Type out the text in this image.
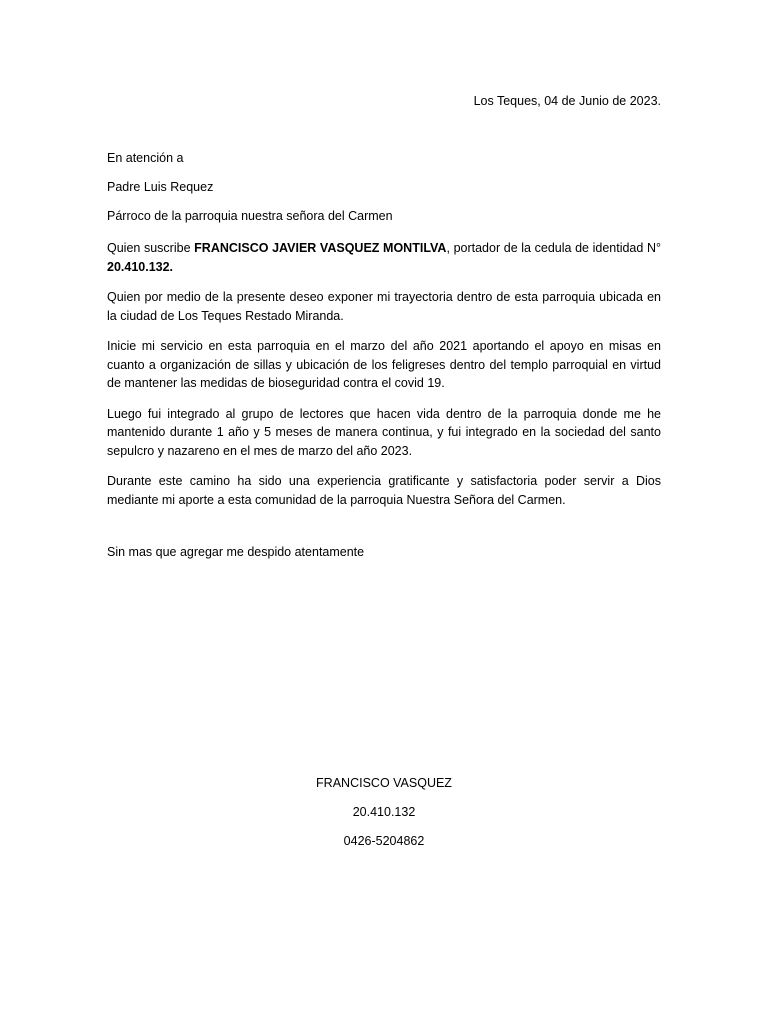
Los Teques, 04 de Junio de 2023.

En atención a

Padre Luis Requez

Párroco de la parroquia nuestra señora del Carmen

Quien suscribe FRANCISCO JAVIER VASQUEZ MONTILVA, portador de la cedula de identidad N° 20.410.132.

Quien por medio de la presente deseo exponer mi trayectoria dentro de esta parroquia ubicada en la ciudad de Los Teques Restado Miranda.

Inicie mi servicio en esta parroquia en el marzo del año 2021 aportando el apoyo en misas en cuanto a organización de sillas y ubicación de los feligreses dentro del templo parroquial en virtud de mantener las medidas de bioseguridad contra el covid 19.

Luego fui integrado al grupo de lectores que hacen vida dentro de la parroquia donde me he mantenido durante 1 año y 5 meses de manera continua, y fui integrado en la sociedad del santo sepulcro y nazareno en el mes de marzo del año 2023.

Durante este camino ha sido una experiencia gratificante y satisfactoria poder servir a Dios mediante mi aporte a esta comunidad de la parroquia Nuestra Señora del Carmen.

Sin mas que agregar me despido atentamente

FRANCISCO VASQUEZ

20.410.132

0426-5204862
